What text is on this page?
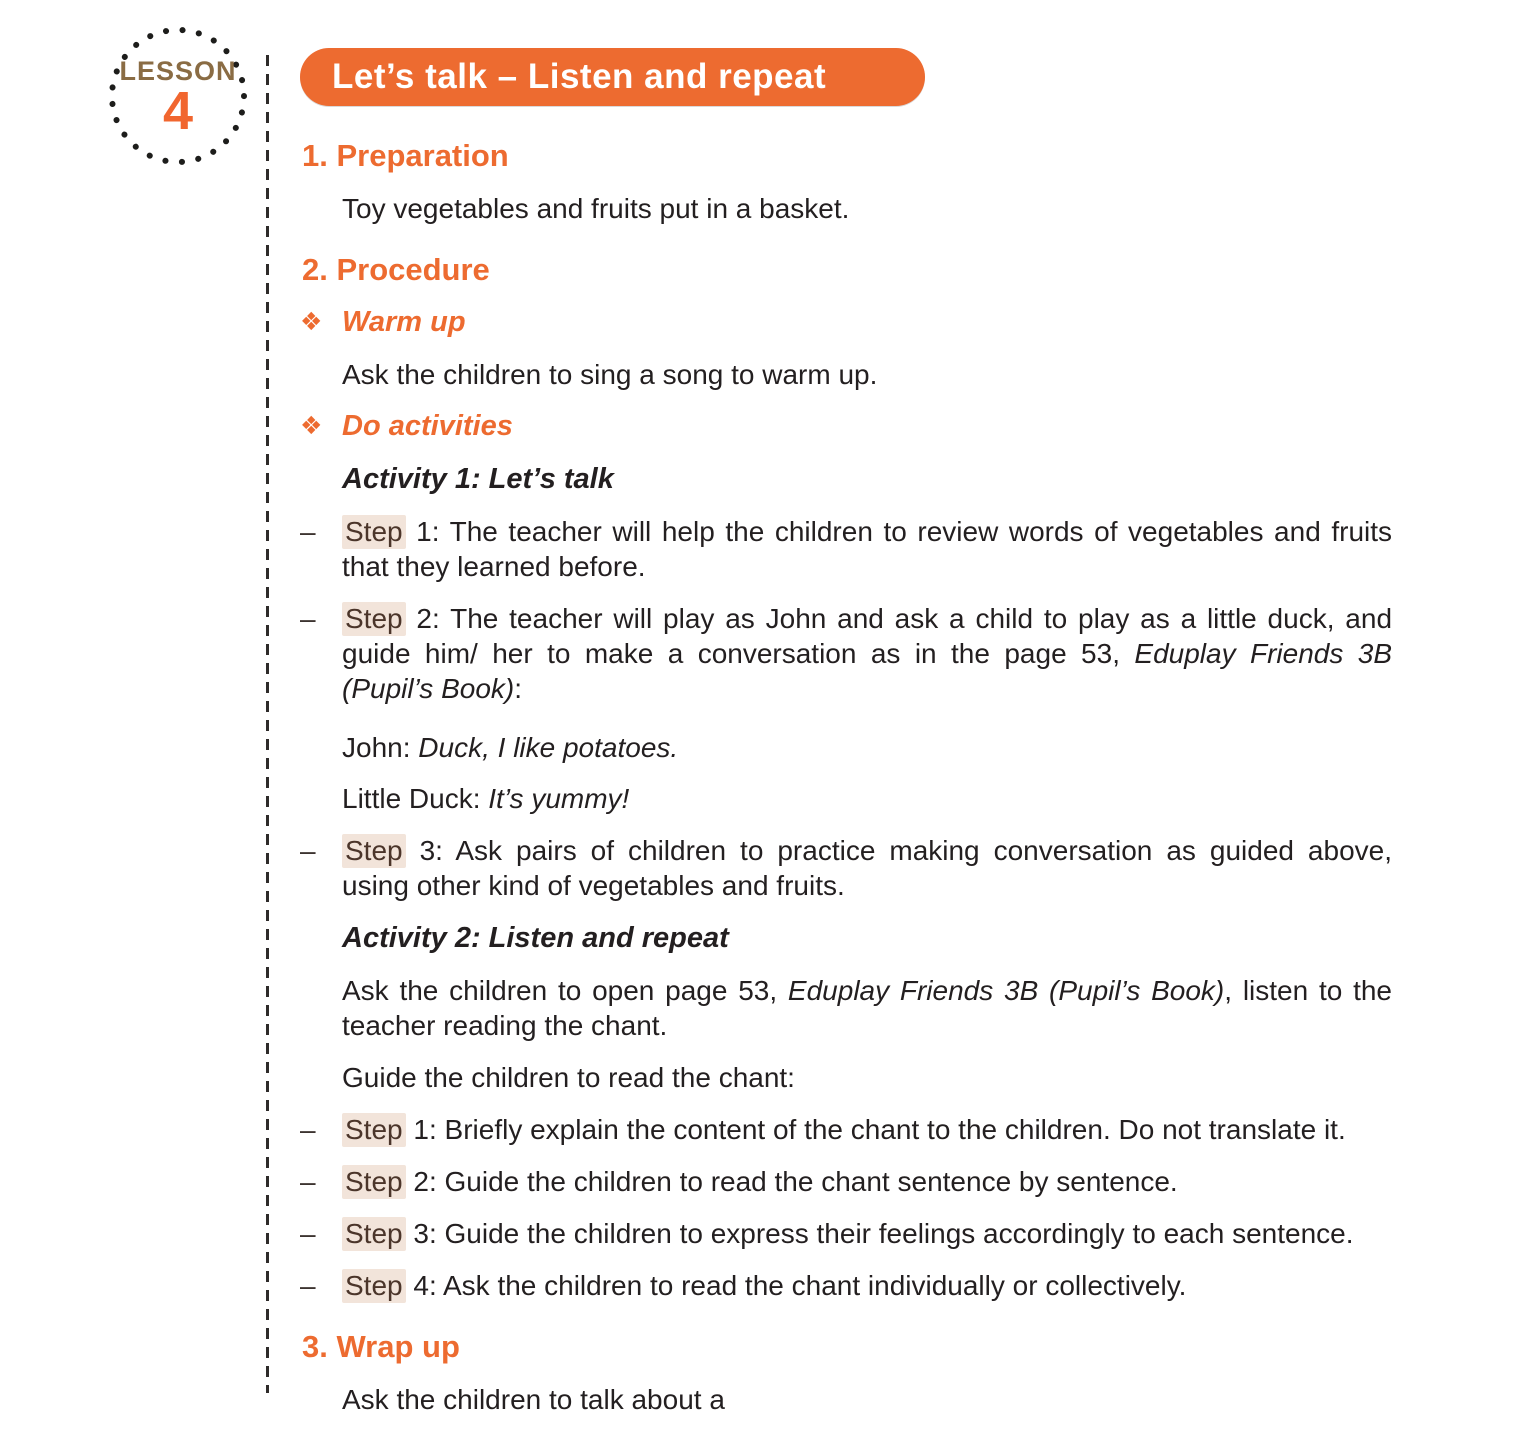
LESSON
4
Let’s talk – Listen and repeat
1. Preparation

Toy vegetables and fruits put in a basket.

2. Procedure
❖ Warm up

Ask the children to sing a song to warm up.

❖ Do activities
Activity 1: Let’s talk
–	Step 1: The teacher will help the children to review words of vegetables and fruits that they learned before.

–	Step 2: The teacher will play as John and ask a child to play as a little duck, and guide him/ her to make a conversation as in the page 53, Eduplay Friends 3B (Pupil’s Book):

John: Duck, I like potatoes.

Little Duck: It’s yummy!

–	Step 3: Ask pairs of children to practice making conversation as guided above, using other kind of vegetables and fruits.

Activity 2: Listen and repeat

Ask the children to open page 53, Eduplay Friends 3B (Pupil’s Book), listen to the teacher reading the chant.

Guide the children to read the chant:

–	Step 1: Briefly explain the content of the chant to the children. Do not translate it.

–	Step 2: Guide the children to read the chant sentence by sentence.

–	Step 3: Guide the children to express their feelings accordingly to each sentence.

–	Step 4: Ask the children to read the chant individually or collectively.

3. Wrap up

Ask the children to talk about a
